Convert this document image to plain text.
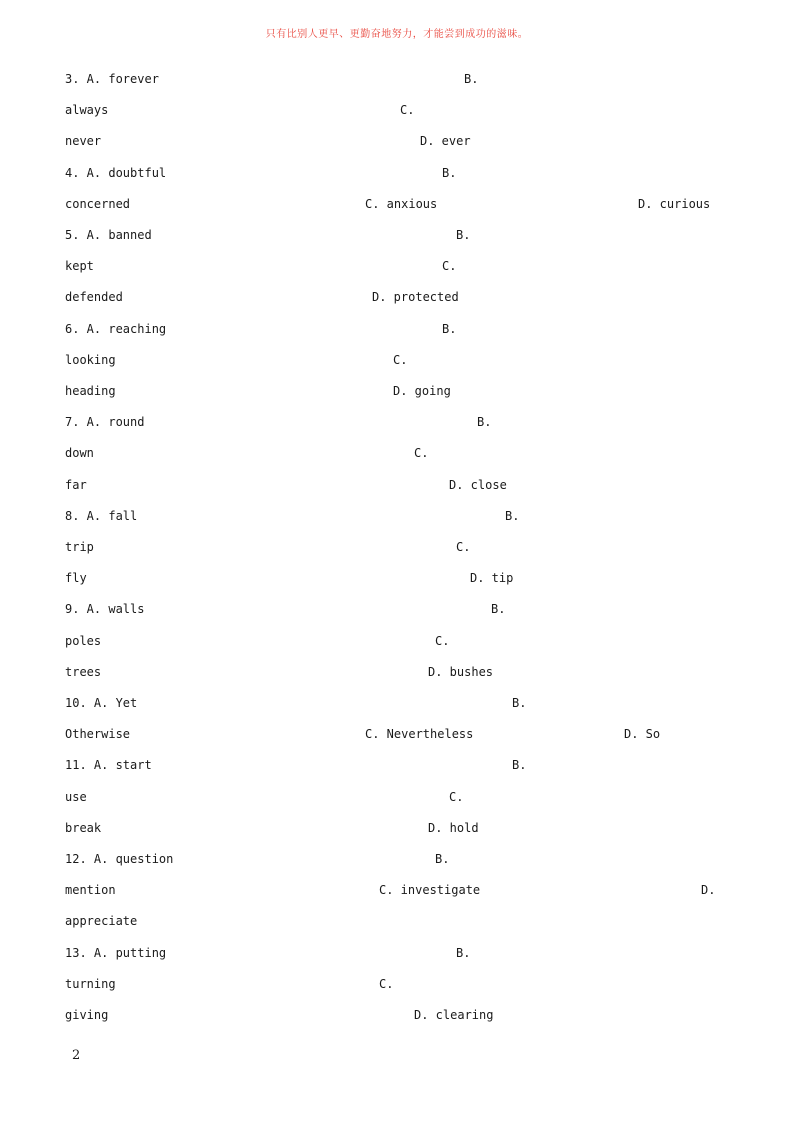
只有比别人更早、更勤奋地努力，才能尝到成功的滋味。
3. A. forever	B.
always	C.
never	D. ever
4. A. doubtful	B.
concerned	C. anxious	D. curious
5. A. banned	B.
kept	C.
defended	D. protected
6. A. reaching	B.
looking	C.
heading	D. going
7. A. round	B.
down	C.
far	D. close
8. A. fall	B.
trip	C.
fly	D. tip
9. A. walls	B.
poles	C.
trees	D. bushes
10. A. Yet	B.
Otherwise	C. Nevertheless	D. So
11. A. start	B.
use	C.
break	D. hold
12. A. question	B.
mention	C. investigate	D.
appreciate
13. A. putting	B.
turning	C.
giving	D. clearing
2
